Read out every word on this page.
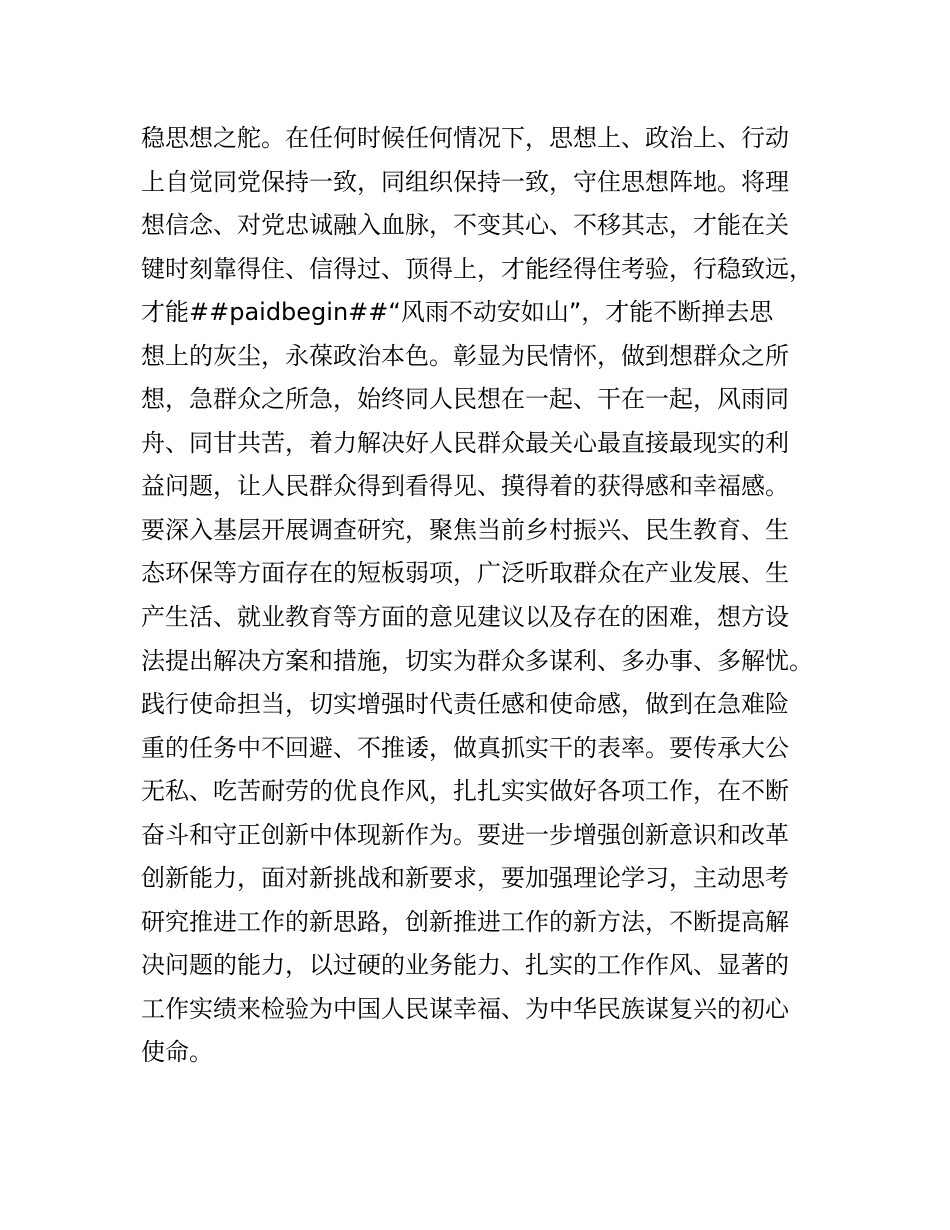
稳思想之舵。在任何时候任何情况下，思想上、政治上、行动
上自觉同党保持一致，同组织保持一致，守住思想阵地。将理
想信念、对党忠诚融入血脉，不变其心、不移其志，才能在关
键时刻靠得住、信得过、顶得上，才能经得住考验，行稳致远，
才能##paidbegin##“风雨不动安如山”，才能不断掸去思
想上的灰尘，永葆政治本色。彰显为民情怀，做到想群众之所
想，急群众之所急，始终同人民想在一起、干在一起，风雨同
舟、同甘共苦，着力解决好人民群众最关心最直接最现实的利
益问题，让人民群众得到看得见、摸得着的获得感和幸福感。
要深入基层开展调查研究，聚焦当前乡村振兴、民生教育、生
态环保等方面存在的短板弱项，广泛听取群众在产业发展、生
产生活、就业教育等方面的意见建议以及存在的困难，想方设
法提出解决方案和措施，切实为群众多谋利、多办事、多解忧。
践行使命担当，切实增强时代责任感和使命感，做到在急难险
重的任务中不回避、不推诿，做真抓实干的表率。要传承大公
无私、吃苦耐劳的优良作风，扎扎实实做好各项工作，在不断
奋斗和守正创新中体现新作为。要进一步增强创新意识和改革
创新能力，面对新挑战和新要求，要加强理论学习，主动思考
研究推进工作的新思路，创新推进工作的新方法，不断提高解
决问题的能力，以过硬的业务能力、扎实的工作作风、显著的
工作实绩来检验为中国人民谋幸福、为中华民族谋复兴的初心
使命。
